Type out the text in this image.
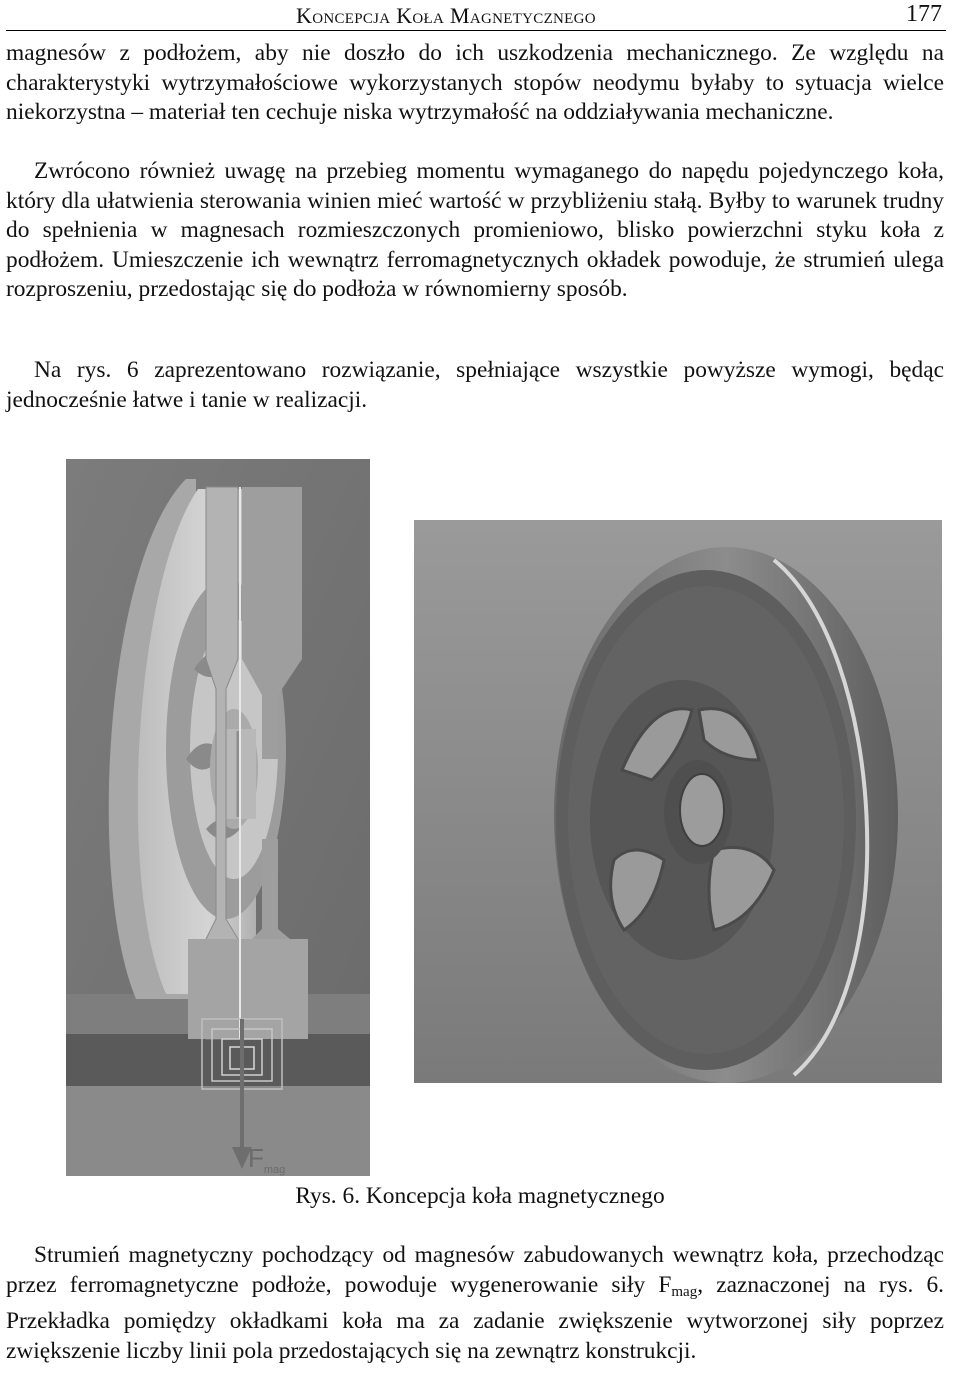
Koncepcja Koła Magnetycznego	177

magnesów z podłożem, aby nie doszło do ich uszkodzenia mechanicznego. Ze względu na charakterystyki wytrzymałościowe wykorzystanych stopów neodymu byłaby to sytuacja wielce niekorzystna – materiał ten cechuje niska wytrzymałość na oddziaływania mechaniczne.

Zwrócono również uwagę na przebieg momentu wymaganego do napędu pojedynczego koła, który dla ułatwienia sterowania winien mieć wartość w przybliżeniu stałą. Byłby to warunek trudny do spełnienia w magnesach rozmieszczonych promieniowo, blisko powierzchni styku koła z podłożem. Umieszczenie ich wewnątrz ferromagnetycznych okładek powoduje, że strumień ulega rozproszeniu, przedostając się do podłoża w równomierny sposób.

Na rys. 6 zaprezentowano rozwiązanie, spełniające wszystkie powyższe wymogi, będąc jednocześnie łatwe i tanie w realizacji.

$F_{mag}$
Rys. 6. Koncepcja koła magnetycznego

Strumień magnetyczny pochodzący od magnesów zabudowanych wewnątrz koła, przechodząc przez ferromagnetyczne podłoże, powoduje wygenerowanie siły $F_{mag}$, zaznaczonej na rys. 6. Przekładka pomiędzy okładkami koła ma za zadanie zwiększenie wytworzonej siły poprzez zwiększenie liczby linii pola przedostających się na zewnątrz konstrukcji.
